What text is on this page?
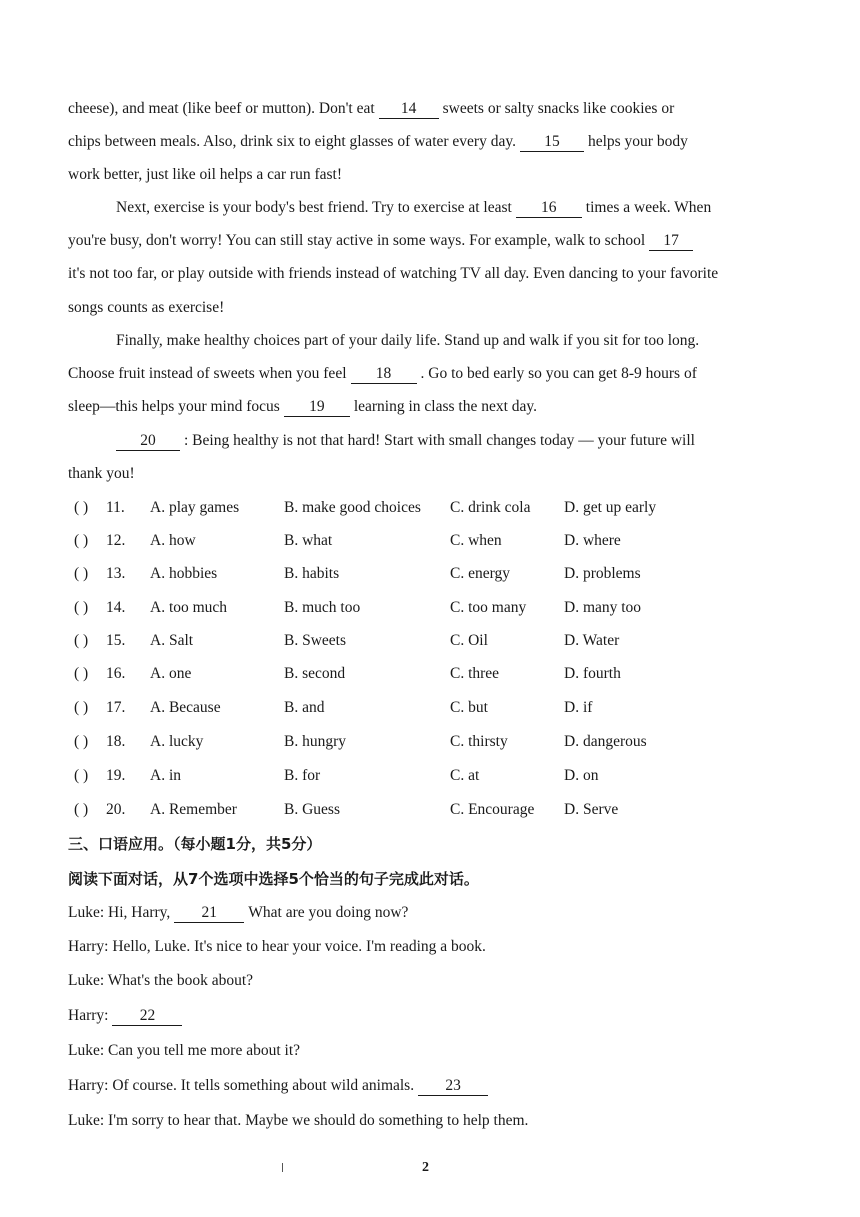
cheese), and meat (like beef or mutton). Don't eat 14 sweets or salty snacks like cookies or
chips between meals. Also, drink six to eight glasses of water every day. 15 helps your body
work better, just like oil helps a car run fast!
Next, exercise is your body's best friend. Try to exercise at least 16 times a week. When
you're busy, don't worry! You can still stay active in some ways. For example, walk to school 17
it's not too far, or play outside with friends instead of watching TV all day. Even dancing to your favorite
songs counts as exercise!
Finally, make healthy choices part of your daily life. Stand up and walk if you sit for too long.
Choose fruit instead of sweets when you feel 18 . Go to bed early so you can get 8-9 hours of
sleep—this helps your mind focus 19 learning in class the next day.
20 : Being healthy is not that hard! Start with small changes today — your future will
thank you!
( ) 11. A. play games	B. make good choices C. drink cola D. get up early
( ) 12. A. how	B. what	C. when	D. where
( ) 13. A. hobbies	B. habits	C. energy	D. problems
( ) 14. A. too much	B. much too	C. too many D. many too
( ) 15. A. Salt	B. Sweets	C. Oil	D. Water
( ) 16. A. one	B. second	C. three	D. fourth
( ) 17. A. Because	B. and	C. but	D. if
( ) 18. A. lucky	B. hungry	C. thirsty	D. dangerous
( ) 19. A. in	B. for	C. at	D. on
( ) 20. A. Remember	B. Guess	C. Encourage D. Serve
三、口语应用。（每小题1分，共5分）
阅读下面对话，从7个选项中选择5个恰当的句子完成此对话。
Luke: Hi, Harry, 21 What are you doing now?
Harry: Hello, Luke. It's nice to hear your voice. I'm reading a book.
Luke: What's the book about?
Harry: 22
Luke: Can you tell me more about it?
Harry: Of course. It tells something about wild animals. 23
Luke: I'm sorry to hear that. Maybe we should do something to help them.
2
